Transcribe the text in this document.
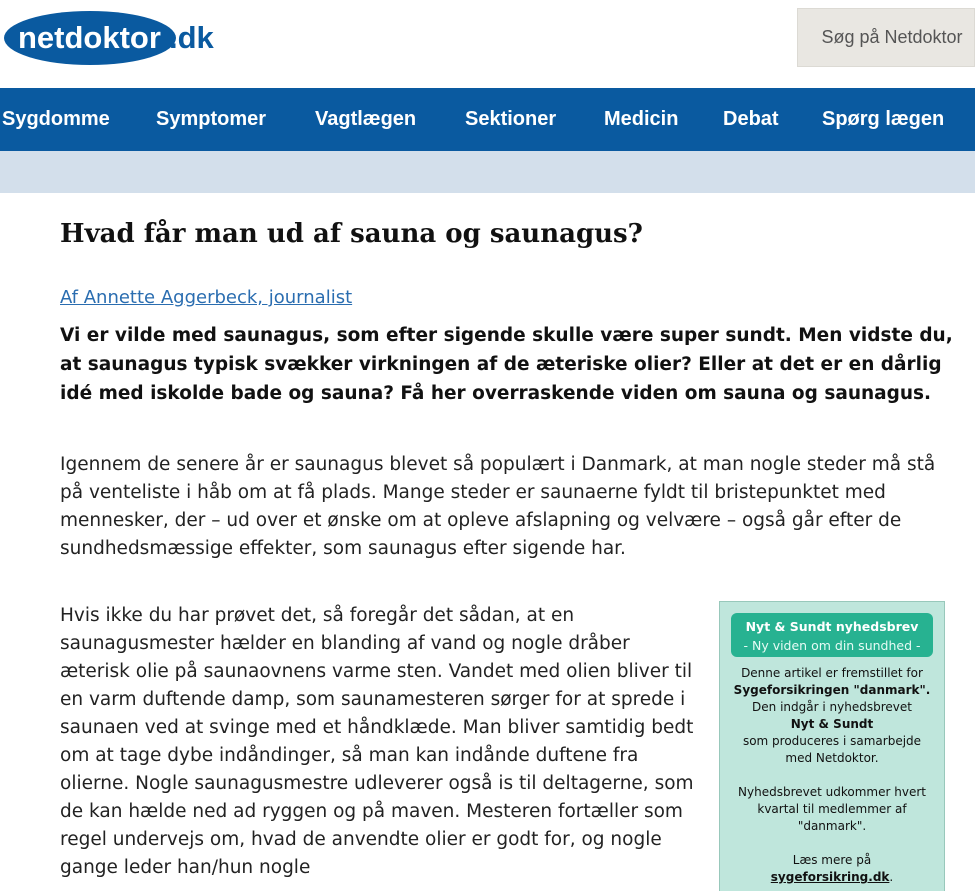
netdoktor .dk	Søg på Netdoktor
Sygdomme Symptomer Vagtlægen Sektioner Medicin Debat Spørg lægen
Hvad får man ud af sauna og saunagus?
Af Annette Aggerbeck, journalist

Vi er vilde med saunagus, som efter sigende skulle være super sundt. Men vidste du, at saunagus typisk svækker virkningen af de æteriske olier? Eller at det er en dårlig idé med iskolde bade og sauna? Få her overraskende viden om sauna og saunagus.

Igennem de senere år er saunagus blevet så populært i Danmark, at man nogle steder må stå på venteliste i håb om at få plads. Mange steder er saunaerne fyldt til bristepunktet med mennesker, der – ud over et ønske om at opleve afslapning og velvære – også går efter de sundhedsmæssige effekter, som saunagus efter sigende har.

Hvis ikke du har prøvet det, så foregår det sådan, at en saunagusmester hælder en blanding af vand og nogle dråber æterisk olie på saunaovnens varme sten. Vandet med olien bliver til en varm duftende damp, som saunamesteren sørger for at sprede i saunaen ved at svinge med et håndklæde. Man bliver samtidig bedt om at tage dybe indåndinger, så man kan indånde duftene fra olierne. Nogle saunagusmestre udleverer også is til deltagerne, som de kan hælde ned ad ryggen og på maven. Mesteren fortæller som regel undervejs om, hvad de anvendte olier er godt for, og nogle gange leder han/hun nogle

Nyt & Sundt nyhedsbrev
- Ny viden om din sundhed -
Denne artikel er fremstillet for
Sygeforsikringen "danmark".
Den indgår i nyhedsbrevet
Nyt & Sundt
som produceres i samarbejde
med Netdoktor.
Nyhedsbrevet udkommer hvert
kvartal til medlemmer af
"danmark".
Læs mere på
sygeforsikring.dk.
